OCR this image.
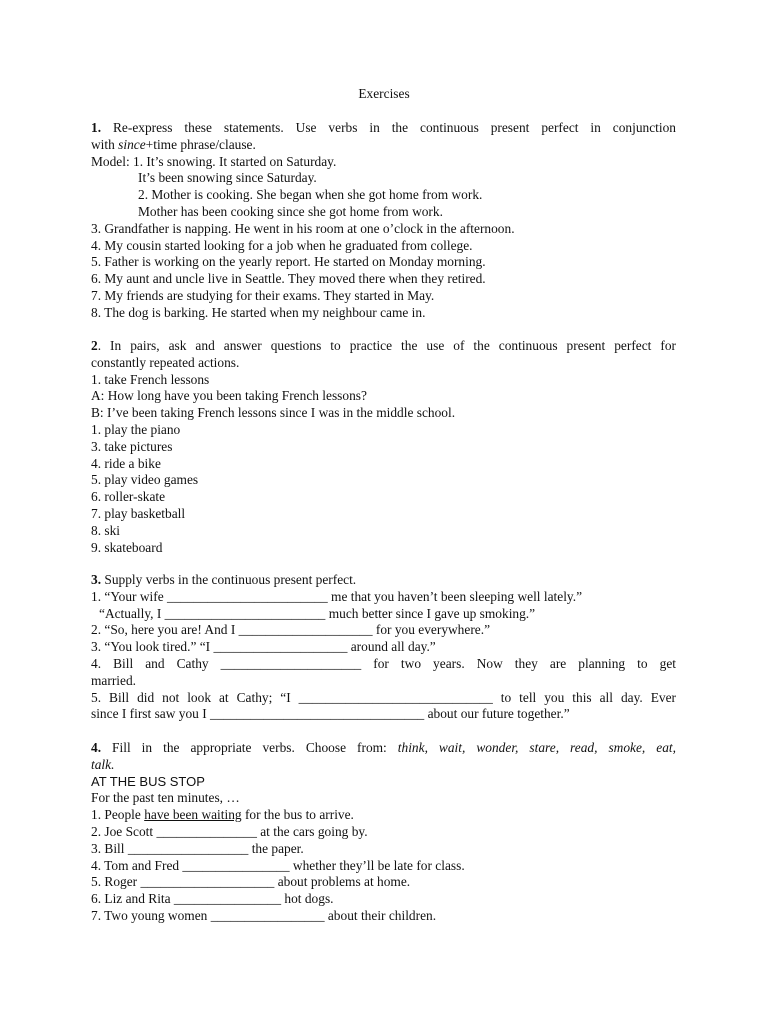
Exercises
1. Re-express these statements. Use verbs in the continuous present perfect in conjunction
with since+time phrase/clause.
Model: 1. It’s snowing. It started on Saturday.
It’s been snowing since Saturday.
2. Mother is cooking. She began when she got home from work.
Mother has been cooking since she got home from work.
3. Grandfather is napping. He went in his room at one o’clock in the afternoon.
4. My cousin started looking for a job when he graduated from college.
5. Father is working on the yearly report. He started on Monday morning.
6. My aunt and uncle live in Seattle. They moved there when they retired.
7. My friends are studying for their exams. They started in May.
8. The dog is barking. He started when my neighbour came in.
2. In pairs, ask and answer questions to practice the use of the continuous present perfect for
constantly repeated actions.
1. take French lessons
A: How long have you been taking French lessons?
B: I’ve been taking French lessons since I was in the middle school.
1. play the piano
3. take pictures
4. ride a bike
5. play video games
6. roller-skate
7. play basketball
8. ski
9. skateboard
3. Supply verbs in the continuous present perfect.
1. “Your wife ________________________ me that you haven’t been sleeping well lately.”
“Actually, I ________________________ much better since I gave up smoking.”
2. “So, here you are! And I ____________________ for you everywhere.”
3. “You look tired.” “I ____________________ around all day.”
4. Bill and Cathy _____________________ for two years. Now they are planning to get
married.
5. Bill did not look at Cathy; “I _____________________________ to tell you this all day. Ever
since I first saw you I ________________________________ about our future together.”
4. Fill in the appropriate verbs. Choose from: think, wait, wonder, stare, read, smoke, eat,
talk.
AT THE BUS STOP
For the past ten minutes, …
1. People have been waiting for the bus to arrive.
2. Joe Scott _______________ at the cars going by.
3. Bill __________________ the paper.
4. Tom and Fred ________________ whether they’ll be late for class.
5. Roger ____________________ about problems at home.
6. Liz and Rita ________________ hot dogs.
7. Two young women _________________ about their children.
